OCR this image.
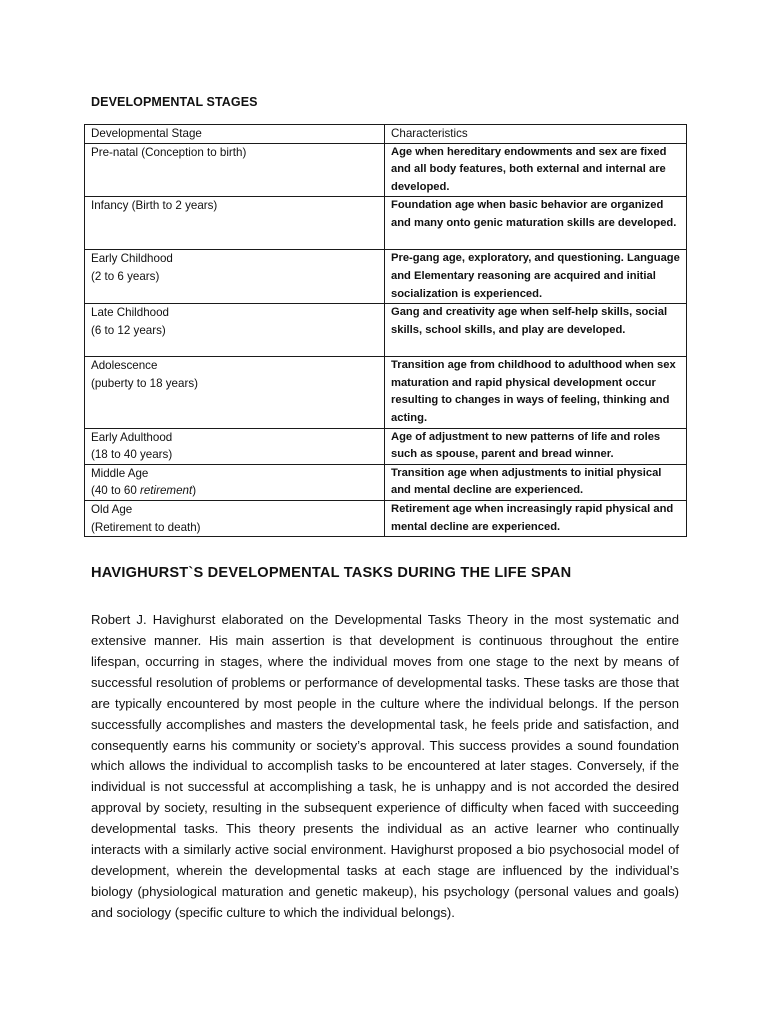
DEVELOPMENTAL STAGES
Developmental Stage	Characteristics

Pre-natal (Conception to birth)	Age when hereditary endowments and sex are fixed and all body features, both external and internal are developed.

Infancy (Birth to 2 years)	Foundation age when basic behavior are organized and many onto genic maturation skills are developed.

Early Childhood
(2 to 6 years)	Pre-gang age, exploratory, and questioning. Language and Elementary reasoning are acquired and initial socialization is experienced.

Late Childhood
(6 to 12 years)	Gang and creativity age when self-help skills, social skills, school skills, and play are developed.

Adolescence
(puberty to 18 years)	Transition age from childhood to adulthood when sex maturation and rapid physical development occur resulting to changes in ways of feeling, thinking and acting.

Early Adulthood
(18 to 40 years)	Age of adjustment to new patterns of life and roles such as spouse, parent and bread winner.

Middle Age
(40 to 60 retirement)	Transition age when adjustments to initial physical and mental decline are experienced.

Old Age
(Retirement to death)	Retirement age when increasingly rapid physical and mental decline are experienced.
HAVIGHURST`S DEVELOPMENTAL TASKS DURING THE LIFE SPAN

Robert J. Havighurst elaborated on the Developmental Tasks Theory in the most systematic and extensive manner. His main assertion is that development is continuous throughout the entire lifespan, occurring in stages, where the individual moves from one stage to the next by means of successful resolution of problems or performance of developmental tasks. These tasks are those that are typically encountered by most people in the culture where the individual belongs. If the person successfully accomplishes and masters the developmental task, he feels pride and satisfaction, and consequently earns his community or society’s approval. This success provides a sound foundation which allows the individual to accomplish tasks to be encountered at later stages. Conversely, if the individual is not successful at accomplishing a task, he is unhappy and is not accorded the desired approval by society, resulting in the subsequent experience of difficulty when faced with succeeding developmental tasks. This theory presents the individual as an active learner who continually interacts with a similarly active social environment. Havighurst proposed a bio psychosocial model of development, wherein the developmental tasks at each stage are influenced by the individual’s biology (physiological maturation and genetic makeup), his psychology (personal values and goals) and sociology (specific culture to which the individual belongs).
